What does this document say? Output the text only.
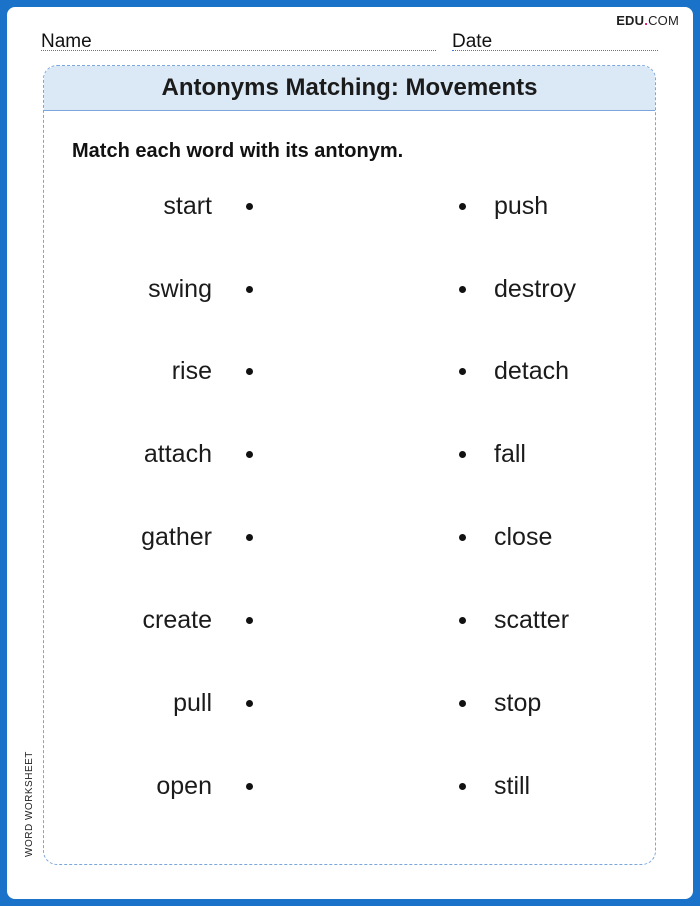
EDU.COM
Name	Date
Antonyms Matching: Movements
Match each word with its antonym.
start
swing
rise
attach
gather
create
pull
open
push
destroy
detach
fall
close
scatter
stop
still
WORD WORKSHEET
